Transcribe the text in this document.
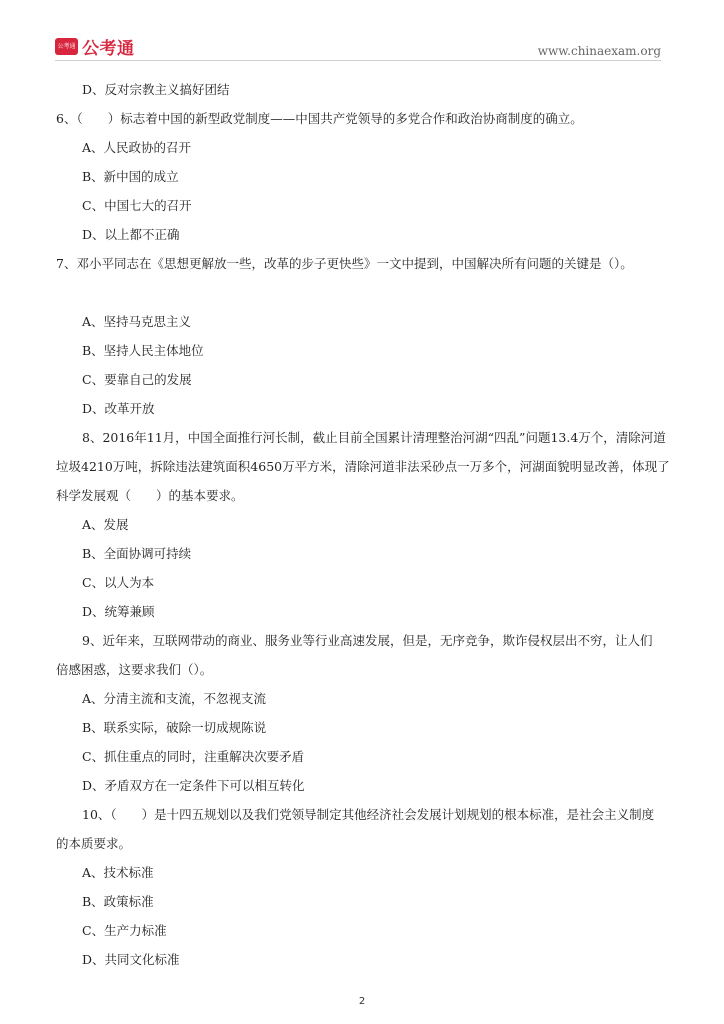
公考通 公考通	www.chinaexam.org
D、反对宗教主义搞好团结
6、（　　）标志着中国的新型政党制度——中国共产党领导的多党合作和政治协商制度的确立。
A、人民政协的召开
B、新中国的成立
C、中国七大的召开
D、以上都不正确
7、邓小平同志在《思想更解放一些，改革的步子更快些》一文中提到，中国解决所有问题的关键是（）。
A、坚持马克思主义
B、坚持人民主体地位
C、要靠自己的发展
D、改革开放
8、2016年11月，中国全面推行河长制，截止目前全国累计清理整治河湖“四乱”问题13.4万个，清除河道
垃圾4210万吨，拆除违法建筑面积4650万平方米，清除河道非法采砂点一万多个，河湖面貌明显改善，体现了
科学发展观（　　）的基本要求。
A、发展
B、全面协调可持续
C、以人为本
D、统筹兼顾
9、近年来，互联网带动的商业、服务业等行业高速发展，但是，无序竞争，欺诈侵权层出不穷，让人们
倍感困惑，这要求我们（）。
A、分清主流和支流，不忽视支流
B、联系实际，破除一切成规陈说
C、抓住重点的同时，注重解决次要矛盾
D、矛盾双方在一定条件下可以相互转化
10、（　　）是十四五规划以及我们党领导制定其他经济社会发展计划规划的根本标准，是社会主义制度
的本质要求。
A、技术标准
B、政策标准
C、生产力标准
D、共同文化标准
2
